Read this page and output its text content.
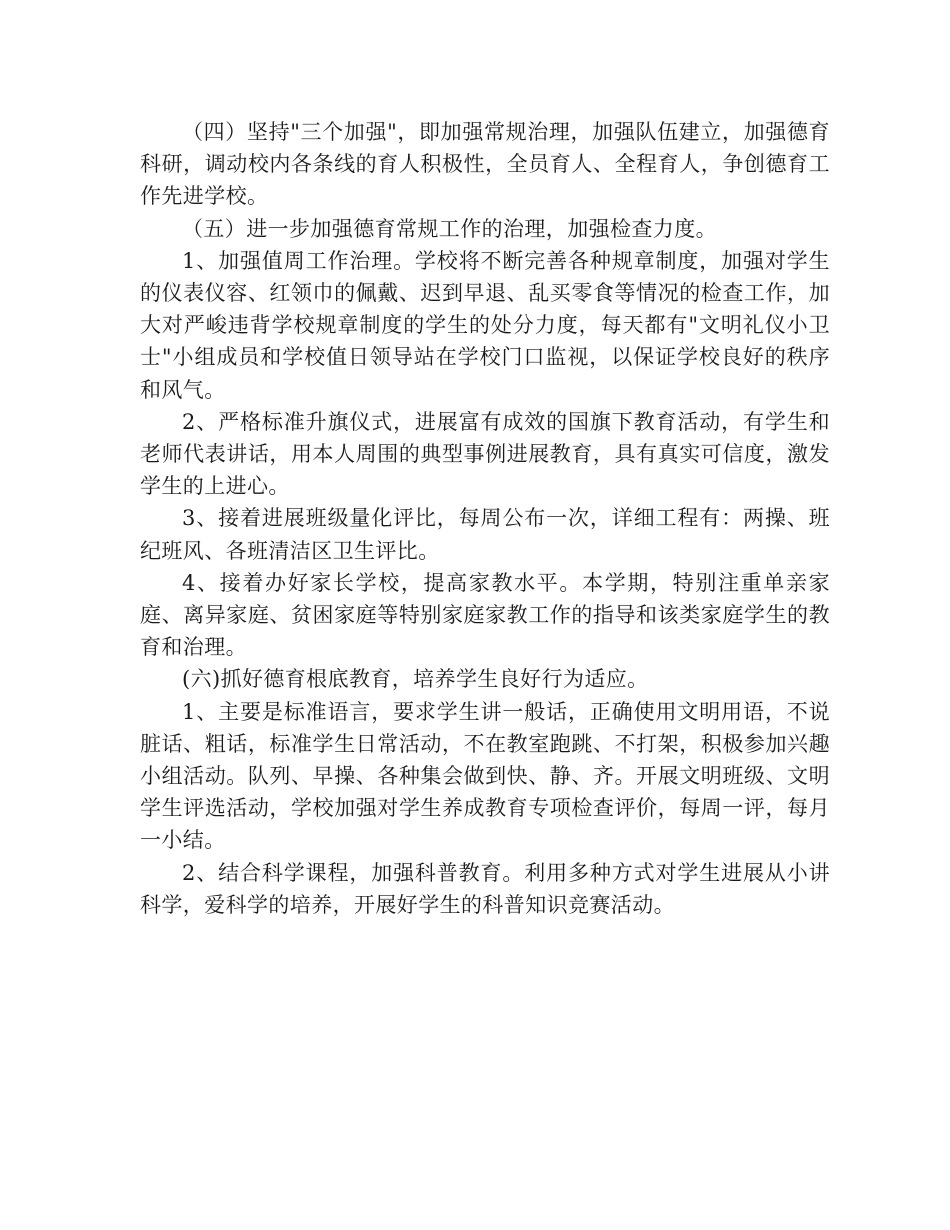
（四）坚持"三个加强"，即加强常规治理，加强队伍建立，加强德育科研，调动校内各条线的育人积极性，全员育人、全程育人，争创德育工作先进学校。

（五）进一步加强德育常规工作的治理，加强检查力度。

1、加强值周工作治理。学校将不断完善各种规章制度，加强对学生的仪表仪容、红领巾的佩戴、迟到早退、乱买零食等情况的检查工作，加大对严峻违背学校规章制度的学生的处分力度，每天都有"文明礼仪小卫士"小组成员和学校值日领导站在学校门口监视，以保证学校良好的秩序和风气。

2、严格标准升旗仪式，进展富有成效的国旗下教育活动，有学生和老师代表讲话，用本人周围的典型事例进展教育，具有真实可信度，激发学生的上进心。

3、接着进展班级量化评比，每周公布一次，详细工程有：两操、班纪班风、各班清洁区卫生评比。

4、接着办好家长学校，提高家教水平。本学期，特别注重单亲家庭、离异家庭、贫困家庭等特别家庭家教工作的指导和该类家庭学生的教育和治理。

(六)抓好德育根底教育，培养学生良好行为适应。

1、主要是标准语言，要求学生讲一般话，正确使用文明用语，不说脏话、粗话，标准学生日常活动，不在教室跑跳、不打架，积极参加兴趣小组活动。队列、早操、各种集会做到快、静、齐。开展文明班级、文明学生评选活动，学校加强对学生养成教育专项检查评价，每周一评，每月一小结。

2、结合科学课程，加强科普教育。利用多种方式对学生进展从小讲科学，爱科学的培养，开展好学生的科普知识竞赛活动。
